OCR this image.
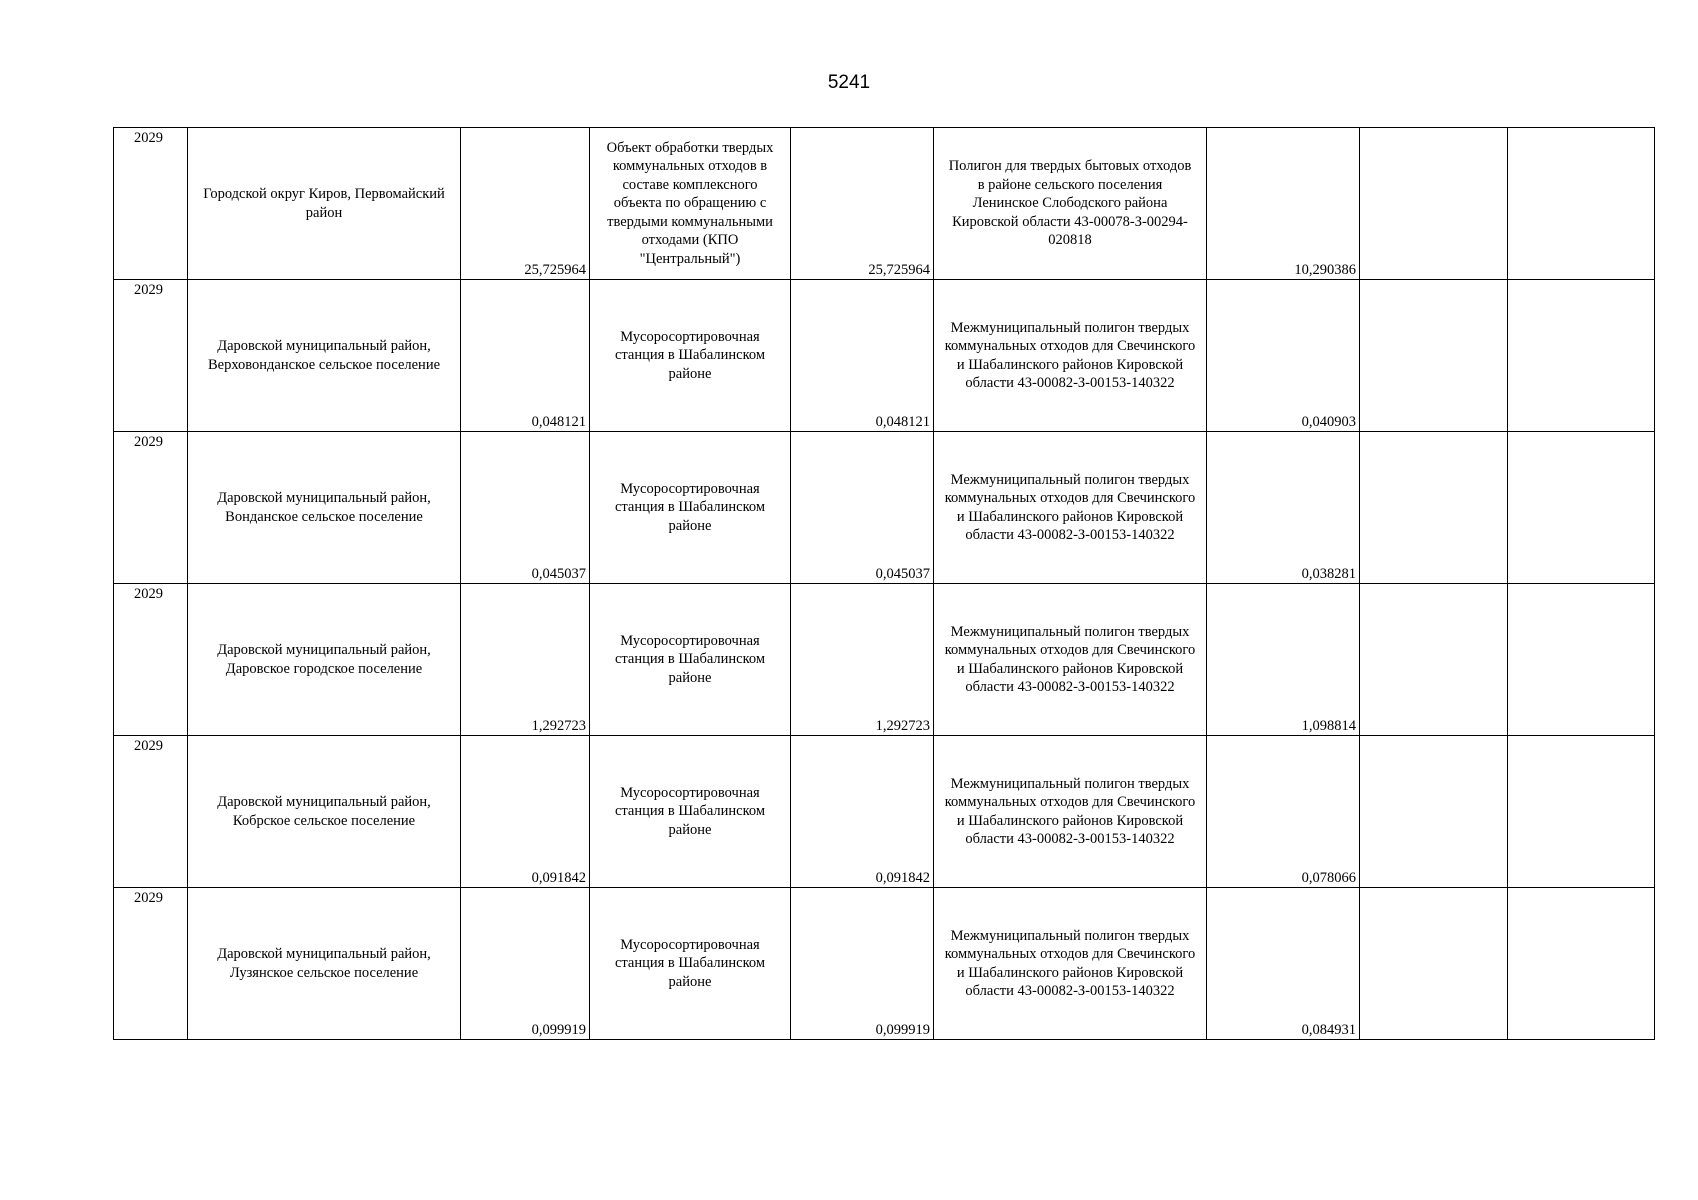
5241
2029	Городской округ Киров, Первомайский район	25,725964	Объект обработки твердых коммунальных отходов в составе комплексного объекта по обращению с твердыми коммунальными отходами (КПО "Центральный")	25,725964	Полигон для твердых бытовых отходов в районе сельского поселения Ленинское Слободского района Кировской области 43-00078-З-00294-020818	10,290386		

2029	Даровской муниципальный район, Верховонданское сельское поселение	0,048121	Мусоросортировочная станция в Шабалинском районе	0,048121	Межмуниципальный полигон твердых коммунальных отходов для Свечинского и Шабалинского районов Кировской области 43-00082-З-00153-140322	0,040903		

2029	Даровской муниципальный район, Вонданское сельское поселение	0,045037	Мусоросортировочная станция в Шабалинском районе	0,045037	Межмуниципальный полигон твердых коммунальных отходов для Свечинского и Шабалинского районов Кировской области 43-00082-З-00153-140322	0,038281		

2029	Даровской муниципальный район, Даровское городское поселение	1,292723	Мусоросортировочная станция в Шабалинском районе	1,292723	Межмуниципальный полигон твердых коммунальных отходов для Свечинского и Шабалинского районов Кировской области 43-00082-З-00153-140322	1,098814		

2029	Даровской муниципальный район, Кобрское сельское поселение	0,091842	Мусоросортировочная станция в Шабалинском районе	0,091842	Межмуниципальный полигон твердых коммунальных отходов для Свечинского и Шабалинского районов Кировской области 43-00082-З-00153-140322	0,078066		

2029	Даровской муниципальный район, Лузянское сельское поселение	0,099919	Мусоросортировочная станция в Шабалинском районе	0,099919	Межмуниципальный полигон твердых коммунальных отходов для Свечинского и Шабалинского районов Кировской области 43-00082-З-00153-140322	0,084931		
